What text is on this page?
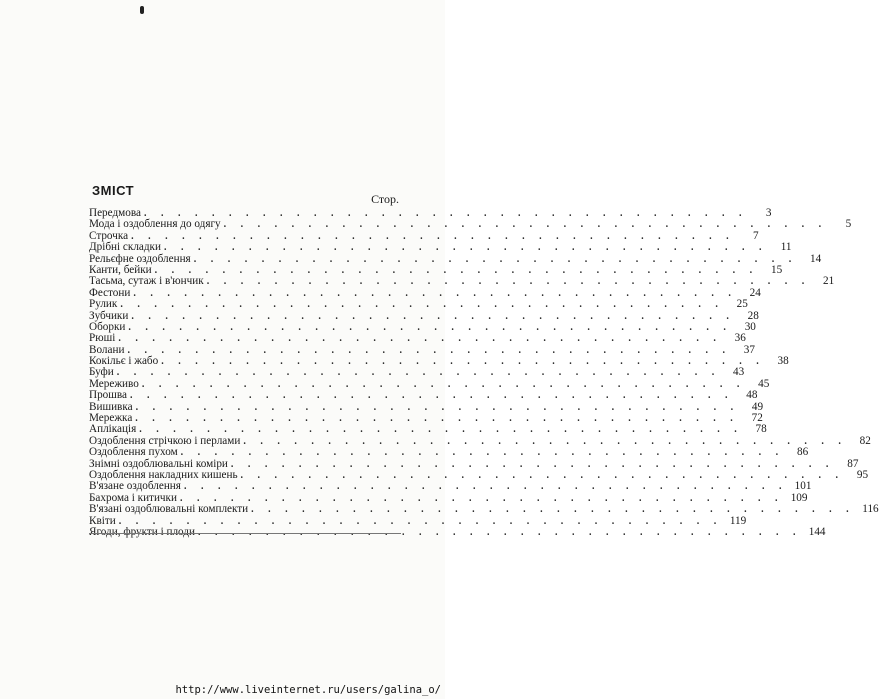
ЗМІСТ
Стор.
Передмова . . . . . . . . . . . . . . . . . . . . . . . . . . . . . . . . . . . .	3
Мода і оздоблення до одягу . . . . . . . . . . . . . . . . . . . . . . . . . . . . . . . . . . . .	5
Строчка . . . . . . . . . . . . . . . . . . . . . . . . . . . . . . . . . . . .	7
Дрібні складки . . . . . . . . . . . . . . . . . . . . . . . . . . . . . . . . . . . .	11
Рельєфне оздоблення . . . . . . . . . . . . . . . . . . . . . . . . . . . . . . . . . . . .	14
Канти, бейки . . . . . . . . . . . . . . . . . . . . . . . . . . . . . . . . . . . .	15
Тасьма, сутаж і в'юнчик . . . . . . . . . . . . . . . . . . . . . . . . . . . . . . . . . . . .	21
Фестони . . . . . . . . . . . . . . . . . . . . . . . . . . . . . . . . . . . .	24
Рулик . . . . . . . . . . . . . . . . . . . . . . . . . . . . . . . . . . . .	25
Зубчики . . . . . . . . . . . . . . . . . . . . . . . . . . . . . . . . . . . .	28
Оборки . . . . . . . . . . . . . . . . . . . . . . . . . . . . . . . . . . . .	30
Рюші . . . . . . . . . . . . . . . . . . . . . . . . . . . . . . . . . . . .	36
Волани . . . . . . . . . . . . . . . . . . . . . . . . . . . . . . . . . . . .	37
Кокільє і жабо . . . . . . . . . . . . . . . . . . . . . . . . . . . . . . . . . . . .	38
Буфи . . . . . . . . . . . . . . . . . . . . . . . . . . . . . . . . . . . .	43
Мереживо . . . . . . . . . . . . . . . . . . . . . . . . . . . . . . . . . . . .	45
Прошва . . . . . . . . . . . . . . . . . . . . . . . . . . . . . . . . . . . .	48
Вишивка . . . . . . . . . . . . . . . . . . . . . . . . . . . . . . . . . . . .	49
Мережка . . . . . . . . . . . . . . . . . . . . . . . . . . . . . . . . . . . .	72
Аплікація . . . . . . . . . . . . . . . . . . . . . . . . . . . . . . . . . . . .	78
Оздоблення стрічкою і перлами . . . . . . . . . . . . . . . . . . . . . . . . . . . . . . . . . . . .	82
Оздоблення пухом . . . . . . . . . . . . . . . . . . . . . . . . . . . . . . . . . . . .	86
Знімні оздоблювальні коміри . . . . . . . . . . . . . . . . . . . . . . . . . . . . . . . . . . . .	87
Оздоблення накладних кишень . . . . . . . . . . . . . . . . . . . . . . . . . . . . . . . . . . . .	95
В'язане оздоблення . . . . . . . . . . . . . . . . . . . . . . . . . . . . . . . . . . . . 101
Бахрома і китички . . . . . . . . . . . . . . . . . . . . . . . . . . . . . . . . . . . . 109
В'язані оздоблювальні комплекти . . . . . . . . . . . . . . . . . . . . . . . . . . . . . . . . . . . . 116
Квіти . . . . . . . . . . . . . . . . . . . . . . . . . . . . . . . . . . . . 119
Ягоди, фрукти і плоди . . . . . . . . . . . . . . . . . . . . . . . . . . . . . . . . . . . . 144
http://www.liveinternet.ru/users/galina_o/
